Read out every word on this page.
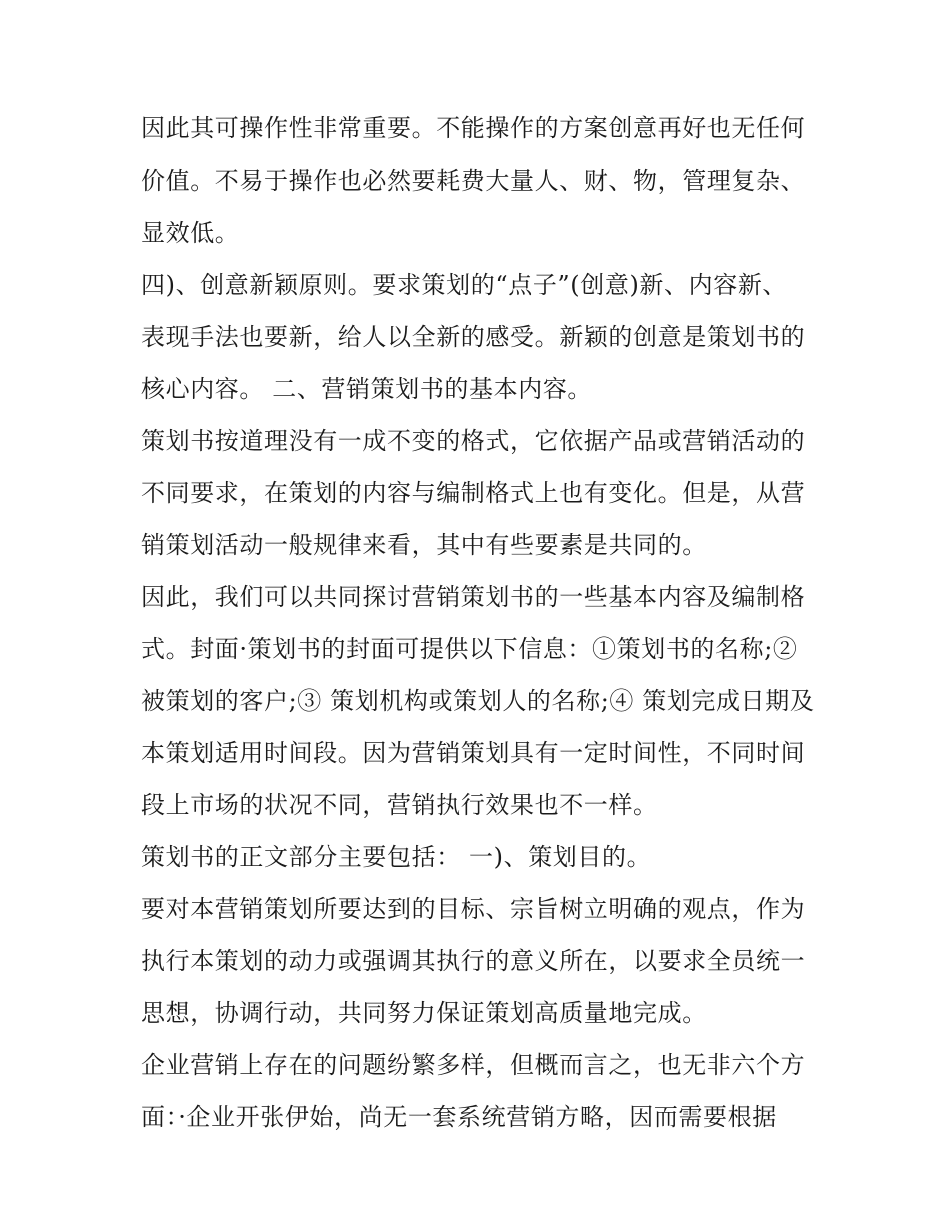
因此其可操作性非常重要。不能操作的方案创意再好也无任何
价值。不易于操作也必然要耗费大量人、财、物，管理复杂、
显效低。
四)、创意新颖原则。要求策划的“点子”(创意)新、内容新、
表现手法也要新，给人以全新的感受。新颖的创意是策划书的
核心内容。 二、营销策划书的基本内容。
策划书按道理没有一成不变的格式，它依据产品或营销活动的
不同要求，在策划的内容与编制格式上也有变化。但是，从营
销策划活动一般规律来看，其中有些要素是共同的。
因此，我们可以共同探讨营销策划书的一些基本内容及编制格
式。封面·策划书的封面可提供以下信息：①策划书的名称;②
被策划的客户;③ 策划机构或策划人的名称;④ 策划完成日期及
本策划适用时间段。因为营销策划具有一定时间性，不同时间
段上市场的状况不同，营销执行效果也不一样。
策划书的正文部分主要包括： 一)、策划目的。
要对本营销策划所要达到的目标、宗旨树立明确的观点，作为
执行本策划的动力或强调其执行的意义所在，以要求全员统一
思想，协调行动，共同努力保证策划高质量地完成。
企业营销上存在的问题纷繁多样，但概而言之，也无非六个方
面：·企业开张伊始，尚无一套系统营销方略，因而需要根据
